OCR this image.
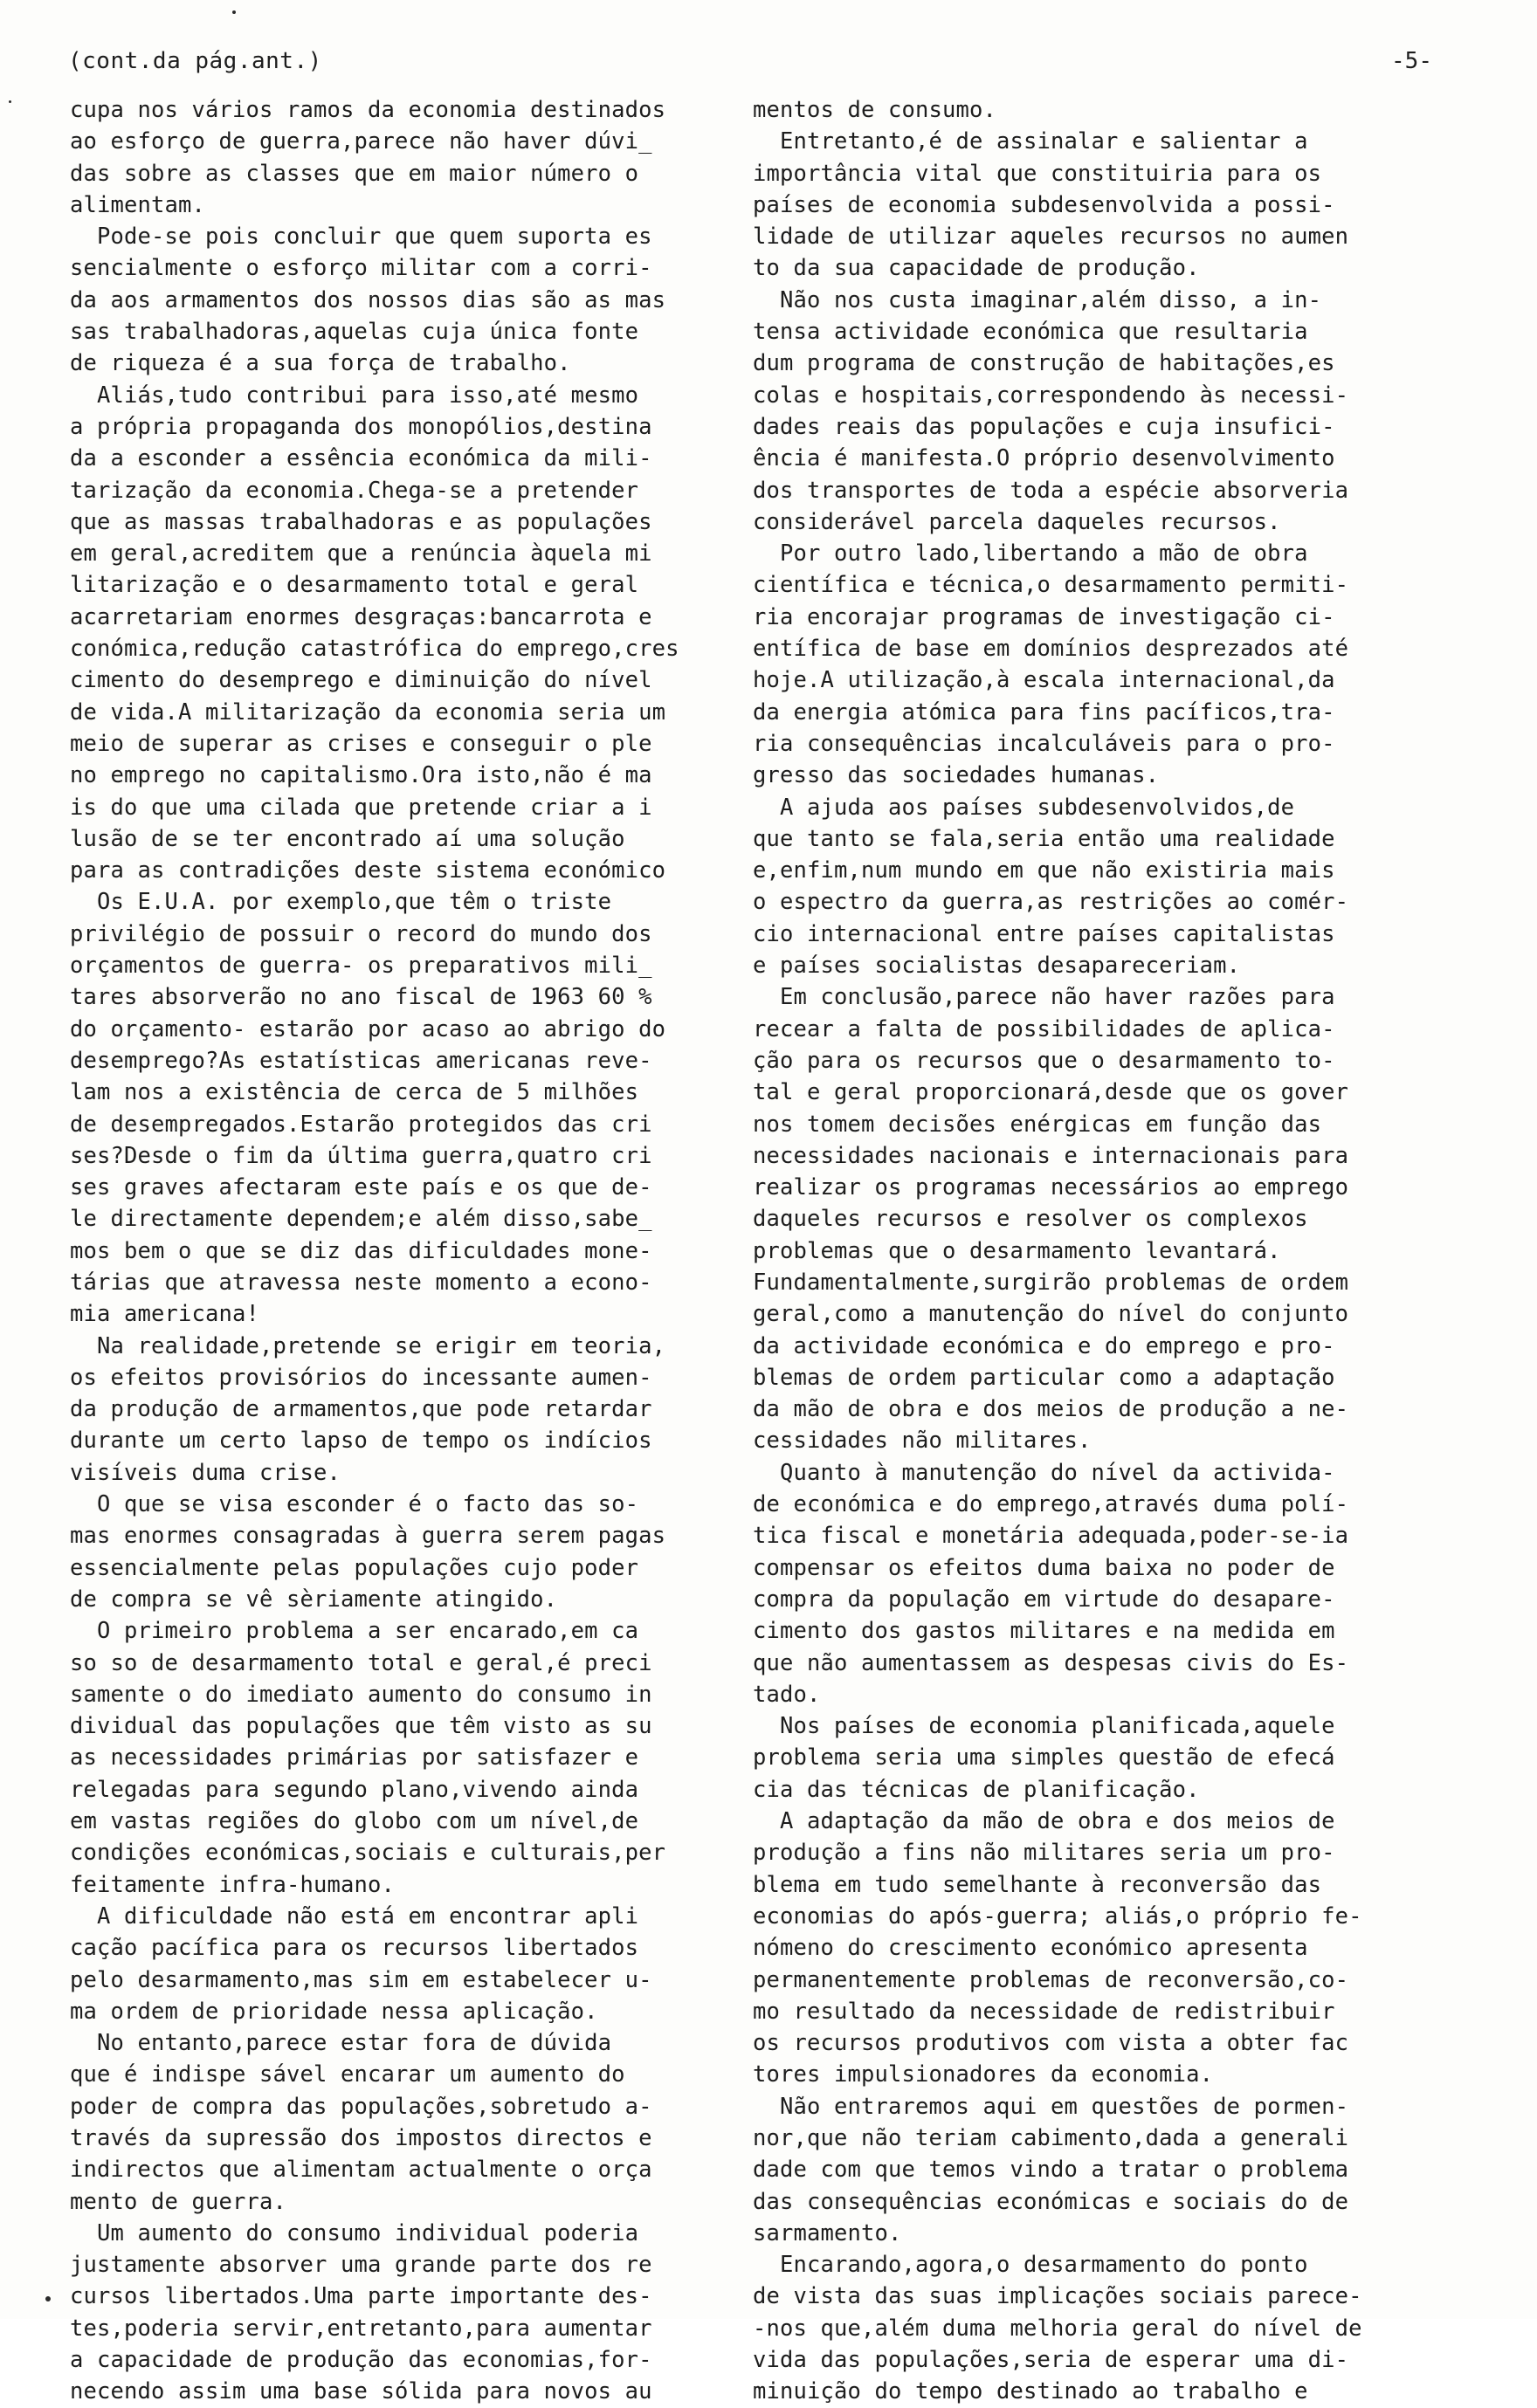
(cont.da pág.ant.)	-5-
cupa nos vários ramos da economia destinados
ao esforço de guerra,parece não haver dúvi_
das sobre as classes que em maior número o
alimentam.
Pode-se pois concluir que quem suporta es
sencialmente o esforço militar com a corri-
da aos armamentos dos nossos dias são as mas
sas trabalhadoras,aquelas cuja única fonte
de riqueza é a sua força de trabalho.
Aliás,tudo contribui para isso,até mesmo
a própria propaganda dos monopólios,destina
da a esconder a essência económica da mili-
tarização da economia.Chega-se a pretender
que as massas trabalhadoras e as populações
em geral,acreditem que a renúncia àquela mi
litarização e o desarmamento total e geral
acarretariam enormes desgraças:bancarrota e
conómica,redução catastrófica do emprego,cres
cimento do desemprego e diminuição do nível
de vida.A militarização da economia seria um
meio de superar as crises e conseguir o ple
no emprego no capitalismo.Ora isto,não é ma
is do que uma cilada que pretende criar a i
lusão de se ter encontrado aí uma solução
para as contradições deste sistema económico
Os E.U.A. por exemplo,que têm o triste
privilégio de possuir o record do mundo dos
orçamentos de guerra- os preparativos mili_
tares absorverão no ano fiscal de 1963 60 %
do orçamento- estarão por acaso ao abrigo do
desemprego?As estatísticas americanas reve-
lam nos a existência de cerca de 5 milhões
de desempregados.Estarão protegidos das cri
ses?Desde o fim da última guerra,quatro cri
ses graves afectaram este país e os que de-
le directamente dependem;e além disso,sabe_
mos bem o que se diz das dificuldades mone-
tárias que atravessa neste momento a econo-
mia americana!
Na realidade,pretende se erigir em teoria,
os efeitos provisórios do incessante aumen-
da produção de armamentos,que pode retardar
durante um certo lapso de tempo os indícios
visíveis duma crise.
O que se visa esconder é o facto das so-
mas enormes consagradas à guerra serem pagas
essencialmente pelas populações cujo poder
de compra se vê sèriamente atingido.
O primeiro problema a ser encarado,em ca
so so de desarmamento total e geral,é preci
samente o do imediato aumento do consumo in
dividual das populações que têm visto as su
as necessidades primárias por satisfazer e
relegadas para segundo plano,vivendo ainda
em vastas regiões do globo com um nível,de
condições económicas,sociais e culturais,per
feitamente infra-humano.
A dificuldade não está em encontrar apli
cação pacífica para os recursos libertados
pelo desarmamento,mas sim em estabelecer u-
ma ordem de prioridade nessa aplicação.
No entanto,parece estar fora de dúvida
que é indispe sável encarar um aumento do
poder de compra das populações,sobretudo a-
través da supressão dos impostos directos e
indirectos que alimentam actualmente o orça
mento de guerra.
Um aumento do consumo individual poderia
justamente absorver uma grande parte dos re
cursos libertados.Uma parte importante des-
tes,poderia servir,entretanto,para aumentar
a capacidade de produção das economias,for-
necendo assim uma base sólida para novos au
mentos de consumo.
Entretanto,é de assinalar e salientar a
importância vital que constituiria para os
países de economia subdesenvolvida a possi-
lidade de utilizar aqueles recursos no aumen
to da sua capacidade de produção.
Não nos custa imaginar,além disso, a in-
tensa actividade económica que resultaria
dum programa de construção de habitações,es
colas e hospitais,correspondendo às necessi-
dades reais das populações e cuja insufici-
ência é manifesta.O próprio desenvolvimento
dos transportes de toda a espécie absorveria
considerável parcela daqueles recursos.
Por outro lado,libertando a mão de obra
científica e técnica,o desarmamento permiti-
ria encorajar programas de investigação ci-
entífica de base em domínios desprezados até
hoje.A utilização,à escala internacional,da
da energia atómica para fins pacíficos,tra-
ria consequências incalculáveis para o pro-
gresso das sociedades humanas.
A ajuda aos países subdesenvolvidos,de
que tanto se fala,seria então uma realidade
e,enfim,num mundo em que não existiria mais
o espectro da guerra,as restrições ao comér-
cio internacional entre países capitalistas
e países socialistas desapareceriam.
Em conclusão,parece não haver razões para
recear a falta de possibilidades de aplica-
ção para os recursos que o desarmamento to-
tal e geral proporcionará,desde que os gover
nos tomem decisões enérgicas em função das
necessidades nacionais e internacionais para
realizar os programas necessários ao emprego
daqueles recursos e resolver os complexos
problemas que o desarmamento levantará.
Fundamentalmente,surgirão problemas de ordem
geral,como a manutenção do nível do conjunto
da actividade económica e do emprego e pro-
blemas de ordem particular como a adaptação
da mão de obra e dos meios de produção a ne-
cessidades não militares.
Quanto à manutenção do nível da activida-
de económica e do emprego,através duma polí-
tica fiscal e monetária adequada,poder-se-ia
compensar os efeitos duma baixa no poder de
compra da população em virtude do desapare-
cimento dos gastos militares e na medida em
que não aumentassem as despesas civis do Es-
tado.
Nos países de economia planificada,aquele
problema seria uma simples questão de efecá
cia das técnicas de planificação.
A adaptação da mão de obra e dos meios de
produção a fins não militares seria um pro-
blema em tudo semelhante à reconversão das
economias do após-guerra; aliás,o próprio fe-
nómeno do crescimento económico apresenta
permanentemente problemas de reconversão,co-
mo resultado da necessidade de redistribuir
os recursos produtivos com vista a obter fac
tores impulsionadores da economia.
Não entraremos aqui em questões de pormen-
nor,que não teriam cabimento,dada a generali
dade com que temos vindo a tratar o problema
das consequências económicas e sociais do de
sarmamento.
Encarando,agora,o desarmamento do ponto
de vista das suas implicações sociais parece-
-nos que,além duma melhoria geral do nível de
vida das populações,seria de esperar uma di-
minuição do tempo destinado ao trabalho e
